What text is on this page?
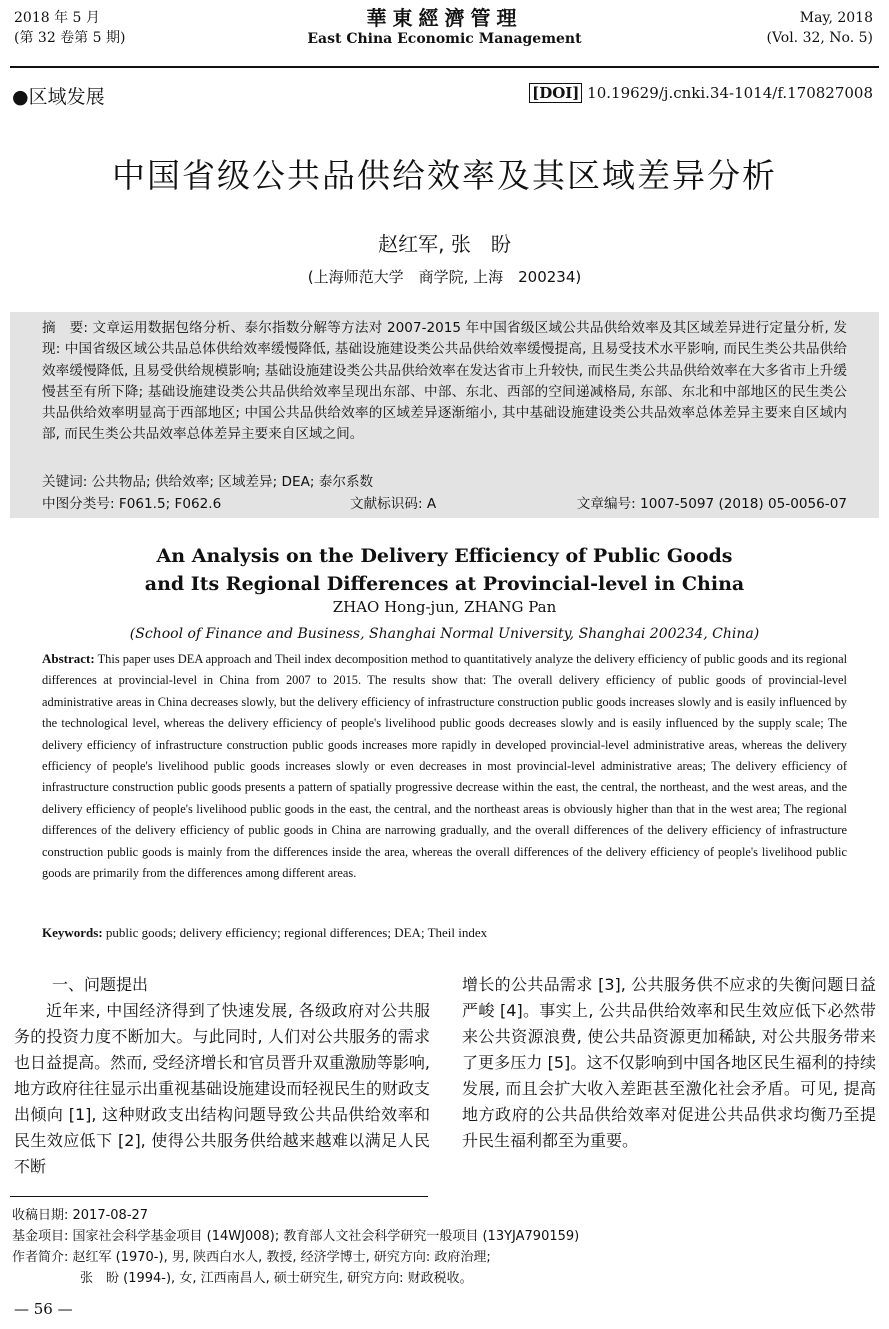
2018 年 5 月
(第 32 卷第 5 期)
華東經濟管理
East China Economic Management
May, 2018
(Vol. 32, No. 5)
●区域发展	[DOI] 10.19629/j.cnki.34-1014/f.170827008
中国省级公共品供给效率及其区域差异分析
赵红军, 张　盼
(上海师范大学　商学院, 上海　200234)
摘　要: 文章运用数据包络分析、泰尔指数分解等方法对 2007-2015 年中国省级区域公共品供给效率及其区域差异进行定量分析, 发现: 中国省级区域公共品总体供给效率缓慢降低, 基础设施建设类公共品供给效率缓慢提高, 且易受技术水平影响, 而民生类公共品供给效率缓慢降低, 且易受供给规模影响; 基础设施建设类公共品供给效率在发达省市上升较快, 而民生类公共品供给效率在大多省市上升缓慢甚至有所下降; 基础设施建设类公共品供给效率呈现出东部、中部、东北、西部的空间递减格局, 东部、东北和中部地区的民生类公共品供给效率明显高于西部地区; 中国公共品供给效率的区域差异逐渐缩小, 其中基础设施建设类公共品效率总体差异主要来自区域内部, 而民生类公共品效率总体差异主要来自区域之间。
关键词: 公共物品; 供给效率; 区域差异; DEA; 泰尔系数
中图分类号: F061.5; F062.6	文献标识码: A	文章编号: 1007-5097 (2018) 05-0056-07
An Analysis on the Delivery Efficiency of Public Goods
and Its Regional Differences at Provincial-level in China
ZHAO Hong-jun, ZHANG Pan
(School of Finance and Business, Shanghai Normal University, Shanghai 200234, China)
Abstract: This paper uses DEA approach and Theil index decomposition method to quantitatively analyze the delivery efficiency of public goods and its regional differences at provincial-level in China from 2007 to 2015. The results show that: The overall delivery efficiency of public goods of provincial-level administrative areas in China decreases slowly, but the delivery efficiency of infrastructure construction public goods increases slowly and is easily influenced by the technological level, whereas the delivery efficiency of people's livelihood public goods decreases slowly and is easily influenced by the supply scale; The delivery efficiency of infrastructure construction public goods increases more rapidly in developed provincial-level administrative areas, whereas the delivery efficiency of people's livelihood public goods increases slowly or even decreases in most provincial-level administrative areas; The delivery efficiency of infrastructure construction public goods presents a pattern of spatially progressive decrease within the east, the central, the northeast, and the west areas, and the delivery efficiency of people's livelihood public goods in the east, the central, and the northeast areas is obviously higher than that in the west area; The regional differences of the delivery efficiency of public goods in China are narrowing gradually, and the overall differences of the delivery efficiency of infrastructure construction public goods is mainly from the differences inside the area, whereas the overall differences of the delivery efficiency of people's livelihood public goods are primarily from the differences among different areas.
Keywords: public goods; delivery efficiency; regional differences; DEA; Theil index
一、问题提出

近年来, 中国经济得到了快速发展, 各级政府对公共服务的投资力度不断加大。与此同时, 人们对公共服务的需求也日益提高。然而, 受经济增长和官员晋升双重激励等影响, 地方政府往往显示出重视基础设施建设而轻视民生的财政支出倾向 [1], 这种财政支出结构问题导致公共品供给效率和民生效应低下 [2], 使得公共服务供给越来越难以满足人民不断

增长的公共品需求 [3], 公共服务供不应求的失衡问题日益严峻 [4]。事实上, 公共品供给效率和民生效应低下必然带来公共资源浪费, 使公共品资源更加稀缺, 对公共服务带来了更多压力 [5]。这不仅影响到中国各地区民生福利的持续发展, 而且会扩大收入差距甚至激化社会矛盾。可见, 提高地方政府的公共品供给效率对促进公共品供求均衡乃至提升民生福利都至为重要。

收稿日期: 2017-08-27
基金项目: 国家社会科学基金项目 (14WJ008); 教育部人文社会科学研究一般项目 (13YJA790159)
作者简介: 赵红军 (1970-), 男, 陕西白水人, 教授, 经济学博士, 研究方向: 政府治理;
张　盼 (1994-), 女, 江西南昌人, 硕士研究生, 研究方向: 财政税收。
— 56 —
